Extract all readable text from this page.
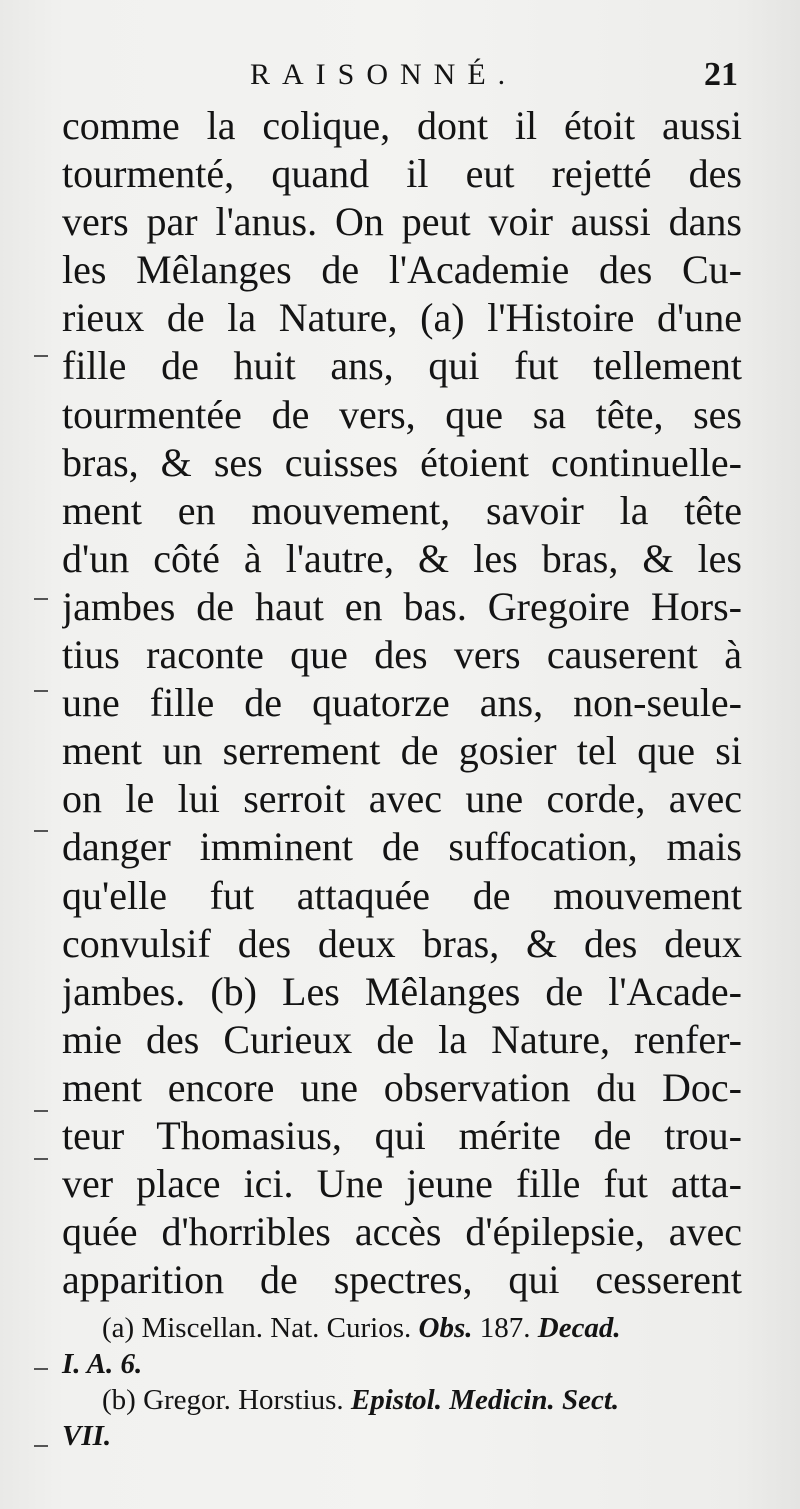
RAISONNÉ.	21
comme la colique, dont il étoit aussi
tourmenté, quand il eut rejetté des
vers par l'anus. On peut voir aussi dans
les Mêlanges de l'Academie des Cu-
rieux de la Nature, (a) l'Histoire d'une
fille de huit ans, qui fut tellement
tourmentée de vers, que sa tête, ses
bras, & ses cuisses étoient continuelle-
ment en mouvement, savoir la tête
d'un côté à l'autre, & les bras, & les
jambes de haut en bas. Gregoire Hors-
tius raconte que des vers causerent à
une fille de quatorze ans, non-seule-
ment un serrement de gosier tel que si
on le lui serroit avec une corde, avec
danger imminent de suffocation, mais
qu'elle fut attaquée de mouvement
convulsif des deux bras, & des deux
jambes. (b) Les Mêlanges de l'Acade-
mie des Curieux de la Nature, renfer-
ment encore une observation du Doc-
teur Thomasius, qui mérite de trou-
ver place ici. Une jeune fille fut atta-
quée d'horribles accès d'épilepsie, avec
apparition de spectres, qui cesserent
(a) Miscellan. Nat. Curios. Obs. 187. Decad.
I. A. 6.
(b) Gregor. Horstius. Epistol. Medicin. Sect.
VII.
